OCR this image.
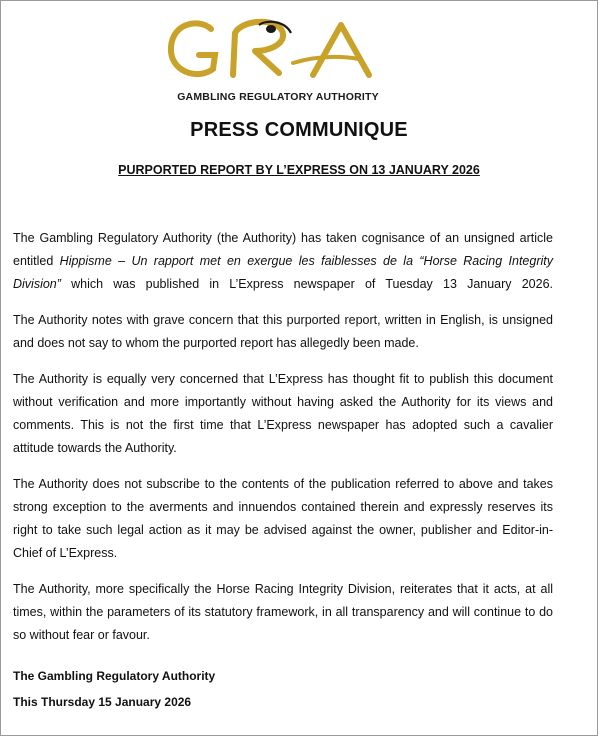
GAMBLING REGULATORY AUTHORITY
PRESS COMMUNIQUE
PURPORTED REPORT BY L’EXPRESS ON 13 JANUARY 2026

The Gambling Regulatory Authority (the Authority) has taken cognisance of an unsigned article entitled Hippisme – Un rapport met en exergue les faiblesses de la “Horse Racing Integrity Division” which was published in L’Express newspaper of Tuesday 13 January 2026.

The Authority notes with grave concern that this purported report, written in English, is unsigned and does not say to whom the purported report has allegedly been made.

The Authority is equally very concerned that L’Express has thought fit to publish this document without verification and more importantly without having asked the Authority for its views and comments. This is not the first time that L’Express newspaper has adopted such a cavalier attitude towards the Authority.

The Authority does not subscribe to the contents of the publication referred to above and takes strong exception to the averments and innuendos contained therein and expressly reserves its right to take such legal action as it may be advised against the owner, publisher and Editor-in-Chief of L’Express.

The Authority, more specifically the Horse Racing Integrity Division, reiterates that it acts, at all times, within the parameters of its statutory framework, in all transparency and will continue to do so without fear or favour.

The Gambling Regulatory Authority
This Thursday 15 January 2026
